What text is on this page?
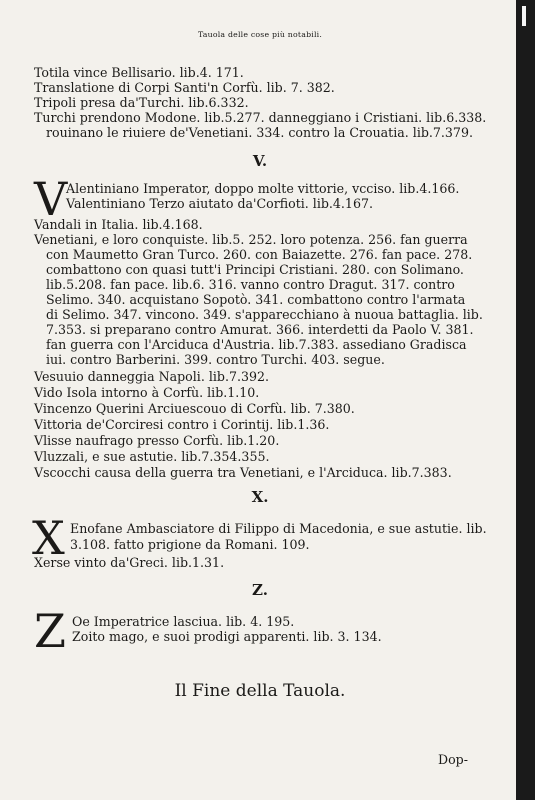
Tauola delle cose più notabili.
Totila vince Bellisario. lib.4. 171.
Translatione di Corpi Santi'n Corfù. lib. 7. 382.
Tripoli presa da'Turchi. lib.6.332.
Turchi prendono Modone. lib.5.277. danneggiano i Cristiani. lib.6.338.
rouinano le riuiere de'Venetiani. 334. contro la Crouatia. lib.7.379.
V.
V
Alentiniano Imperator, doppo molte vittorie, vcciso. lib.4.166.
Valentiniano Terzo aiutato da'Corfioti. lib.4.167.
Vandali in Italia. lib.4.168.
Venetiani, e loro conquiste. lib.5. 252. loro potenza. 256. fan guerra
con Maumetto Gran Turco. 260. con Baiazette. 276. fan pace. 278.
combattono con quasi tutt'i Principi Cristiani. 280. con Solimano.
lib.5.208. fan pace. lib.6. 316. vanno contro Dragut. 317. contro
Selimo. 340. acquistano Sopotò. 341. combattono contro l'armata
di Selimo. 347. vincono. 349. s'apparecchiano à nuoua battaglia. lib.
7.353. si preparano contro Amurat. 366. interdetti da Paolo V. 381.
fan guerra con l'Arciduca d'Austria. lib.7.383. assediano Gradisca
iui. contro Barberini. 399. contro Turchi. 403. segue.
Vesuuio danneggia Napoli. lib.7.392.
Vido Isola intorno à Corfù. lib.1.10.
Vincenzo Querini Arciuescouo di Corfù. lib. 7.380.
Vittoria de'Corciresi contro i Corintij. lib.1.36.
Vlisse naufrago presso Corfù. lib.1.20.
Vluzzali, e sue astutie. lib.7.354.355.
Vscocchi causa della guerra tra Venetiani, e l'Arciduca. lib.7.383.
X.
X Enofane Ambasciatore di Filippo di Macedonia, e sue astutie. lib.
3.108. fatto prigione da Romani. 109.
Xerse vinto da'Greci. lib.1.31.
Z.
Z Oe Imperatrice lasciua. lib. 4. 195.
Zoito mago, e suoi prodigi apparenti. lib. 3. 134.
Il Fine della Tauola.
Dop-
